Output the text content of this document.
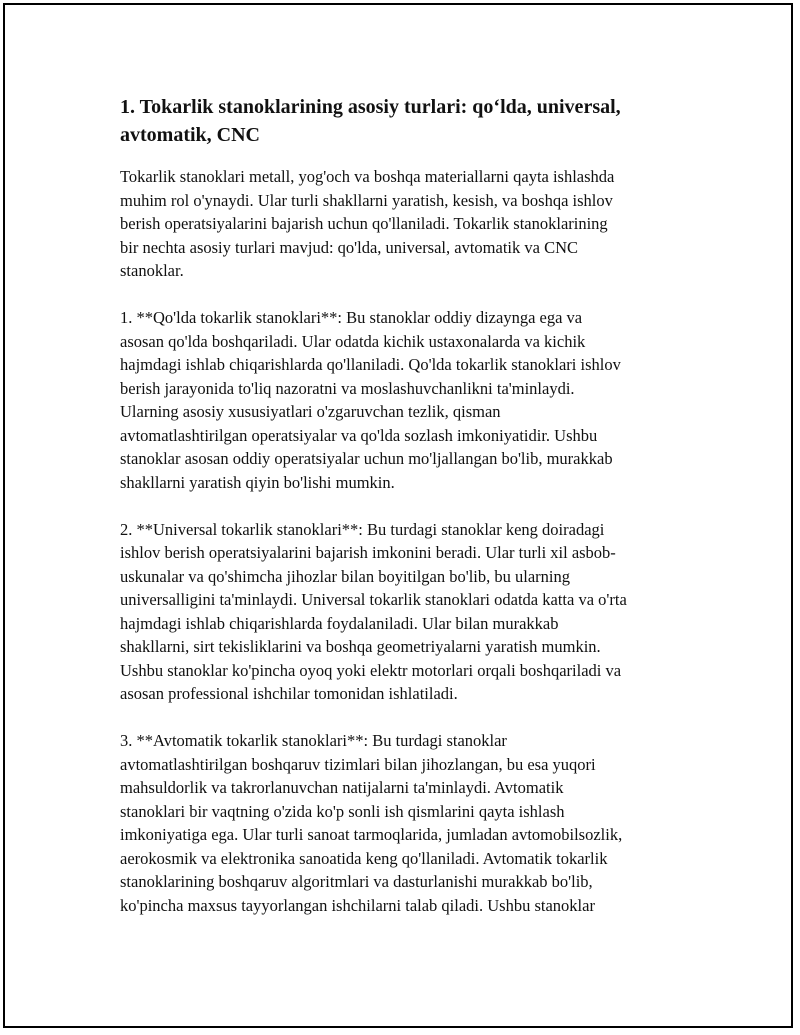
1. Tokarlik stanoklarining asosiy turlari: qo‘lda, universal,
avtomatik, CNC

Tokarlik stanoklari metall, yog'och va boshqa materiallarni qayta ishlashda
muhim rol o'ynaydi. Ular turli shakllarni yaratish, kesish, va boshqa ishlov
berish operatsiyalarini bajarish uchun qo'llaniladi. Tokarlik stanoklarining
bir nechta asosiy turlari mavjud: qo'lda, universal, avtomatik va CNC
stanoklar.

1. **Qo'lda tokarlik stanoklari**: Bu stanoklar oddiy dizaynga ega va
asosan qo'lda boshqariladi. Ular odatda kichik ustaxonalarda va kichik
hajmdagi ishlab chiqarishlarda qo'llaniladi. Qo'lda tokarlik stanoklari ishlov
berish jarayonida to'liq nazoratni va moslashuvchanlikni ta'minlaydi.
Ularning asosiy xususiyatlari o'zgaruvchan tezlik, qisman
avtomatlashtirilgan operatsiyalar va qo'lda sozlash imkoniyatidir. Ushbu
stanoklar asosan oddiy operatsiyalar uchun mo'ljallangan bo'lib, murakkab
shakllarni yaratish qiyin bo'lishi mumkin.

2. **Universal tokarlik stanoklari**: Bu turdagi stanoklar keng doiradagi
ishlov berish operatsiyalarini bajarish imkonini beradi. Ular turli xil asbob-
uskunalar va qo'shimcha jihozlar bilan boyitilgan bo'lib, bu ularning
universalligini ta'minlaydi. Universal tokarlik stanoklari odatda katta va o'rta
hajmdagi ishlab chiqarishlarda foydalaniladi. Ular bilan murakkab
shakllarni, sirt tekisliklarini va boshqa geometriyalarni yaratish mumkin.
Ushbu stanoklar ko'pincha oyoq yoki elektr motorlari orqali boshqariladi va
asosan professional ishchilar tomonidan ishlatiladi.

3. **Avtomatik tokarlik stanoklari**: Bu turdagi stanoklar
avtomatlashtirilgan boshqaruv tizimlari bilan jihozlangan, bu esa yuqori
mahsuldorlik va takrorlanuvchan natijalarni ta'minlaydi. Avtomatik
stanoklari bir vaqtning o'zida ko'p sonli ish qismlarini qayta ishlash
imkoniyatiga ega. Ular turli sanoat tarmoqlarida, jumladan avtomobilsozlik,
aerokosmik va elektronika sanoatida keng qo'llaniladi. Avtomatik tokarlik
stanoklarining boshqaruv algoritmlari va dasturlanishi murakkab bo'lib,
ko'pincha maxsus tayyorlangan ishchilarni talab qiladi. Ushbu stanoklar
